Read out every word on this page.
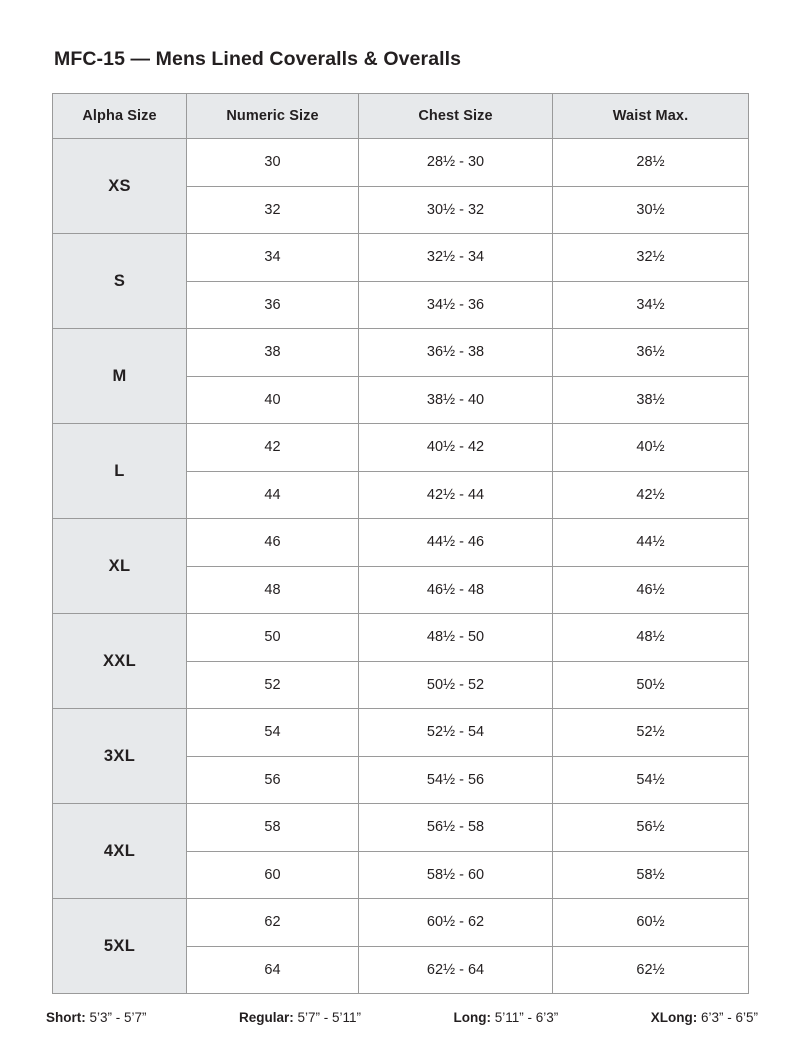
MFC-15 — Mens Lined Coveralls & Overalls
Alpha Size	Numeric Size	Chest Size	Waist Max.
XS	30	28½ - 30	28½
	32	30½ - 32	30½
S	34	32½ - 34	32½
	36	34½ - 36	34½
M	38	36½ - 38	36½
	40	38½ - 40	38½
L	42	40½ - 42	40½
	44	42½ - 44	42½
XL	46	44½ - 46	44½
	48	46½ - 48	46½
XXL	50	48½ - 50	48½
	52	50½ - 52	50½
3XL	54	52½ - 54	52½
	56	54½ - 56	54½
4XL	58	56½ - 58	56½
	60	58½ - 60	58½
5XL	62	60½ - 62	60½
	64	62½ - 64	62½
Short: 5’3” - 5’7”	Regular: 5’7” - 5’11”	Long: 5’11” - 6’3”	XLong: 6’3” - 6’5”
